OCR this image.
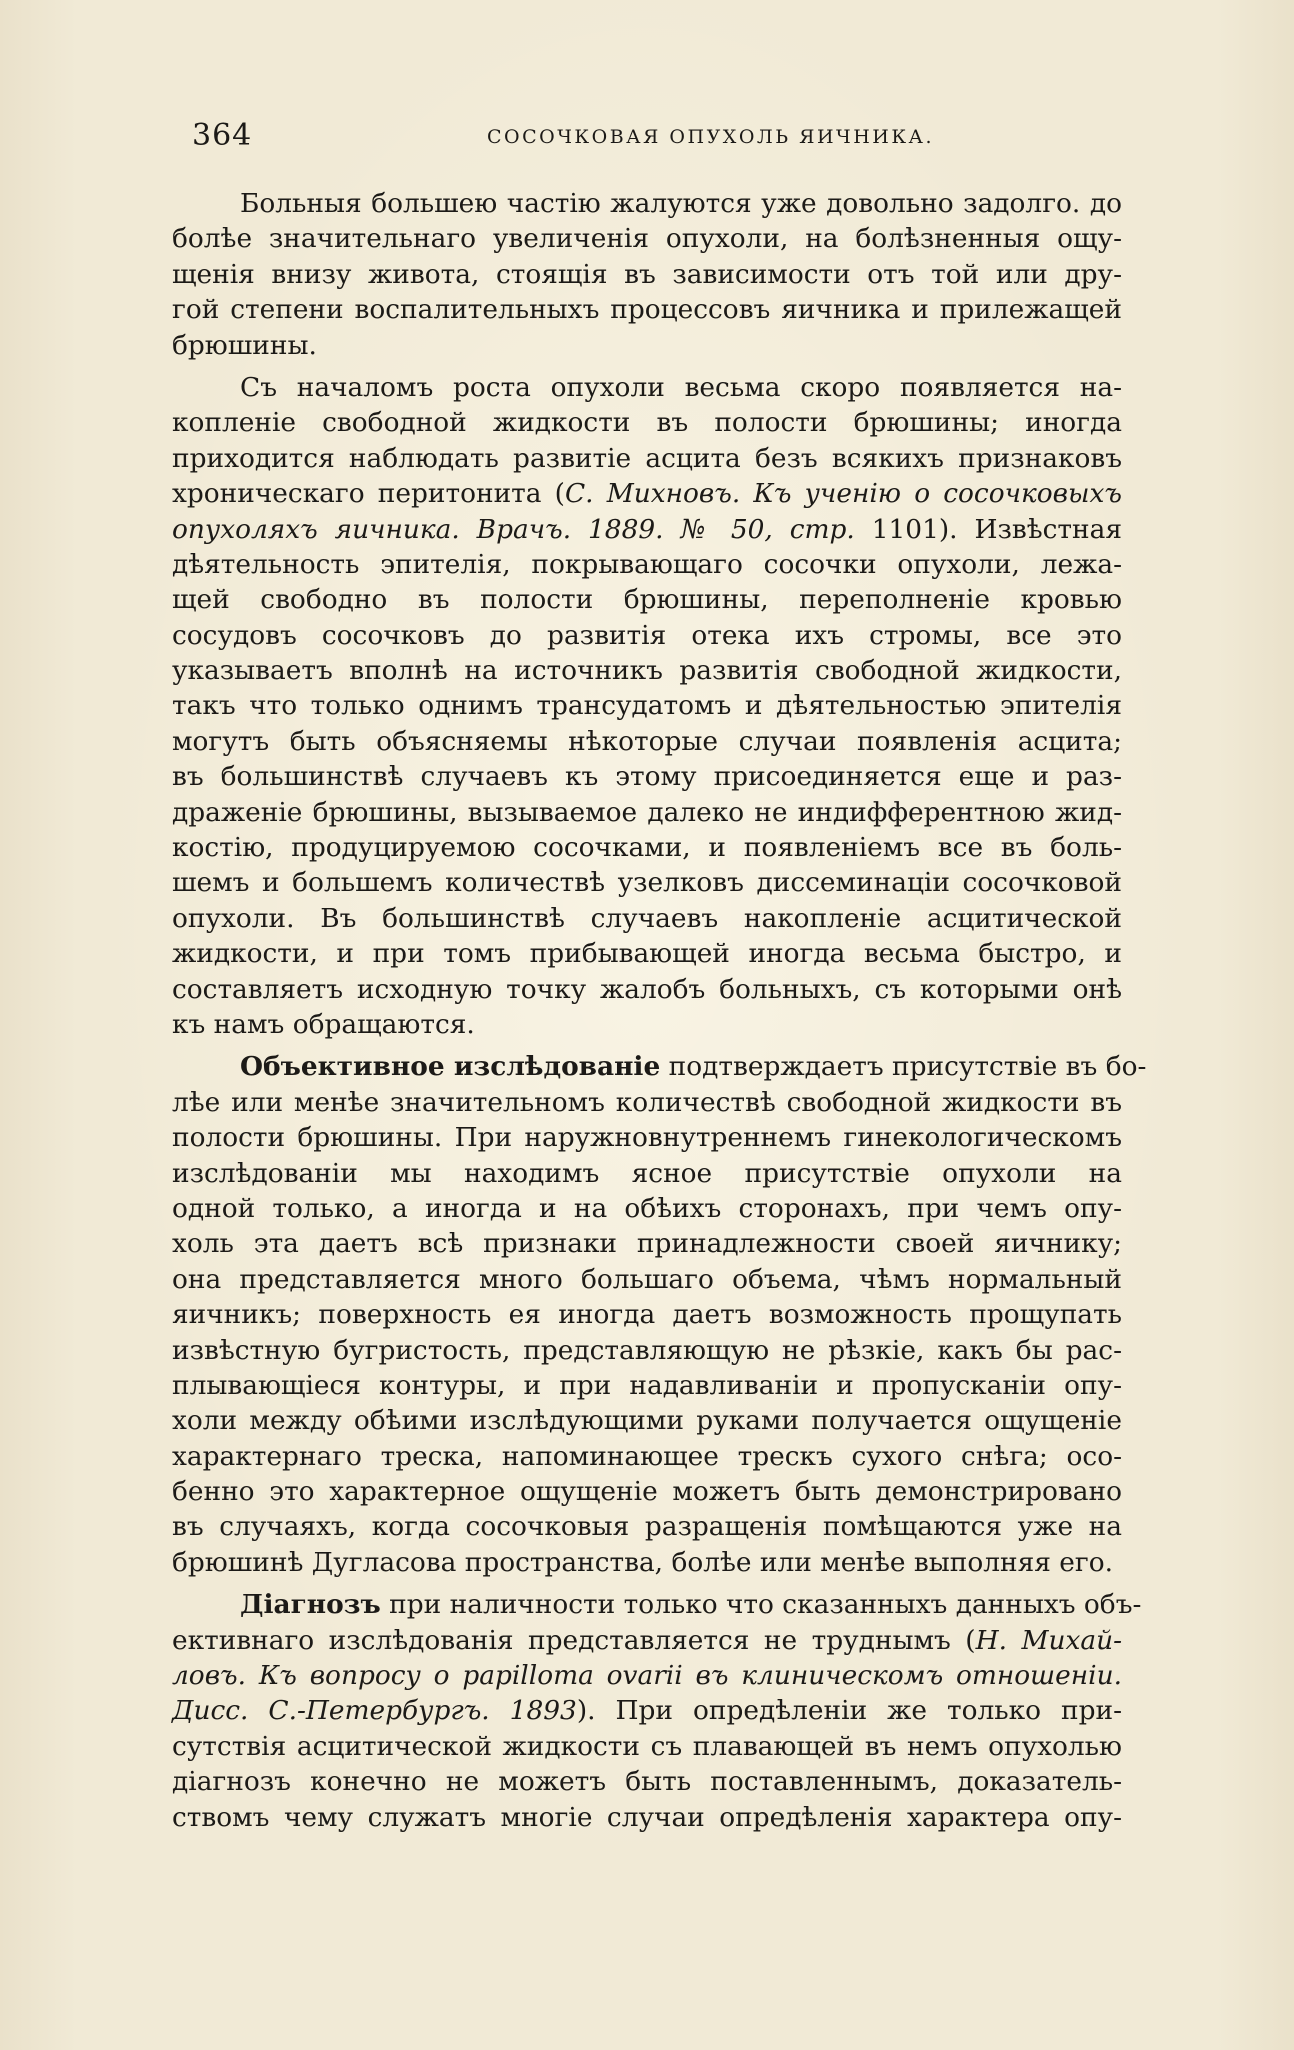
364	СОСОЧКОВАЯ ОПУХОЛЬ ЯИЧНИКА.

Больныя большею частію жалуются уже довольно задолго. до
болѣе значительнаго увеличенія опухоли, на болѣзненныя ощу-
щенія внизу живота, стоящія въ зависимости отъ той или дру-
гой степени воспалительныхъ процессовъ яичника и прилежащей
брюшины.

Съ началомъ роста опухоли весьма скоро появляется на-
копленіе свободной жидкости въ полости брюшины; иногда
приходится наблюдать развитіе асцита безъ всякихъ признаковъ
хроническаго перитонита (С. Михновъ. Къ ученію о сосочковыхъ
опухоляхъ яичника. Врачъ. 1889. № 50, стр. 1101). Извѣстная
дѣятельность эпителія, покрывающаго сосочки опухоли, лежа-
щей свободно въ полости брюшины, переполненіе кровью
сосудовъ сосочковъ до развитія отека ихъ стромы, все это
указываетъ вполнѣ на источникъ развитія свободной жидкости,
такъ что только однимъ трансудатомъ и дѣятельностью эпителія
могутъ быть объясняемы нѣкоторые случаи появленія асцита;
въ большинствѣ случаевъ къ этому присоединяется еще и раз-
драженіе брюшины, вызываемое далеко не индифферентною жид-
костію, продуцируемою сосочками, и появленіемъ все въ боль-
шемъ и большемъ количествѣ узелковъ диссеминаціи сосочковой
опухоли. Въ большинствѣ случаевъ накопленіе асцитической
жидкости, и при томъ прибывающей иногда весьма быстро, и
составляетъ исходную точку жалобъ больныхъ, съ которыми онѣ
къ намъ обращаются.

Объективное изслѣдованіе подтверждаетъ присутствіе въ бо-
лѣе или менѣе значительномъ количествѣ свободной жидкости въ
полости брюшины. При наружновнутреннемъ гинекологическомъ
изслѣдованіи мы находимъ ясное присутствіе опухоли на
одной только, а иногда и на обѣихъ сторонахъ, при чемъ опу-
холь эта даетъ всѣ признаки принадлежности своей яичнику;
она представляется много большаго объема, чѣмъ нормальный
яичникъ; поверхность ея иногда даетъ возможность прощупать
извѣстную бугристость, представляющую не рѣзкіе, какъ бы рас-
плывающіеся контуры, и при надавливаніи и пропусканіи опу-
холи между обѣими изслѣдующими руками получается ощущеніе
характернаго треска, напоминающее трескъ сухого снѣга; осо-
бенно это характерное ощущеніе можетъ быть демонстрировано
въ случаяхъ, когда сосочковыя разращенія помѣщаются уже на
брюшинѣ Дугласова пространства, болѣе или менѣе выполняя его.

Діагнозъ при наличности только что сказанныхъ данныхъ объ-
ективнаго изслѣдованія представляется не труднымъ (Н. Михай-
ловъ. Къ вопросу о papilloma ovarii въ клиническомъ отношеніи.
Дисс. С.-Петербургъ. 1893). При опредѣленіи же только при-
сутствія асцитической жидкости съ плавающей въ немъ опухолью
діагнозъ конечно не можетъ быть поставленнымъ, доказатель-
ствомъ чему служатъ многіе случаи опредѣленія характера опу-
